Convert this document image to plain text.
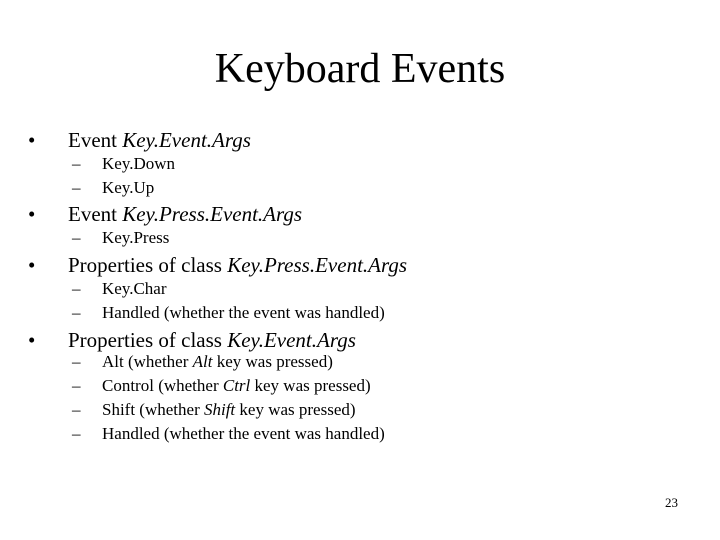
Keyboard Events
• Event Key.Event.Args
– Key.Down
– Key.Up
• Event Key.Press.Event.Args
– Key.Press
• Properties of class Key.Press.Event.Args
– Key.Char
– Handled (whether the event was handled)
• Properties of class Key.Event.Args
– Alt (whether Alt key was pressed)
– Control (whether Ctrl key was pressed)
– Shift (whether Shift key was pressed)
– Handled (whether the event was handled)
23
